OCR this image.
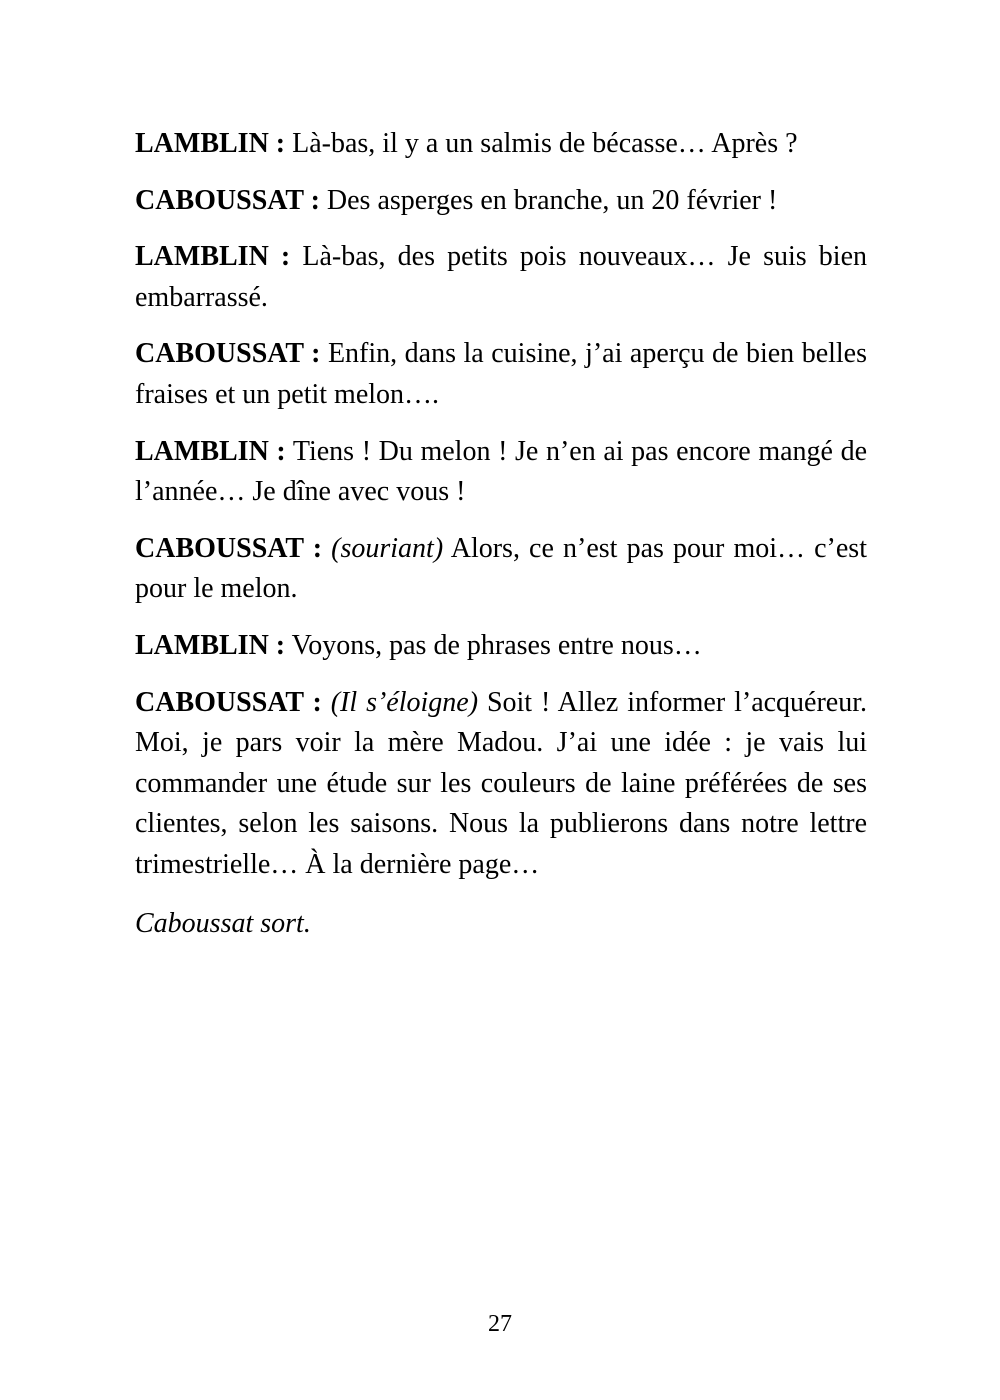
LAMBLIN : Là-bas, il y a un salmis de bécasse… Après ?

CABOUSSAT : Des asperges en branche, un 20 février !

LAMBLIN : Là-bas, des petits pois nouveaux… Je suis bien embarrassé.

CABOUSSAT : Enfin, dans la cuisine, j’ai aperçu de bien belles fraises et un petit melon….

LAMBLIN : Tiens ! Du melon ! Je n’en ai pas encore mangé de l’année… Je dîne avec vous !

CABOUSSAT : (souriant) Alors, ce n’est pas pour moi… c’est pour le melon.

LAMBLIN : Voyons, pas de phrases entre nous…

CABOUSSAT : (Il s’éloigne) Soit ! Allez informer l’acquéreur. Moi, je pars voir la mère Madou. J’ai une idée : je vais lui commander une étude sur les couleurs de laine préférées de ses clientes, selon les saisons. Nous la publierons dans notre lettre trimestrielle… À la dernière page…

Caboussat sort.

27
